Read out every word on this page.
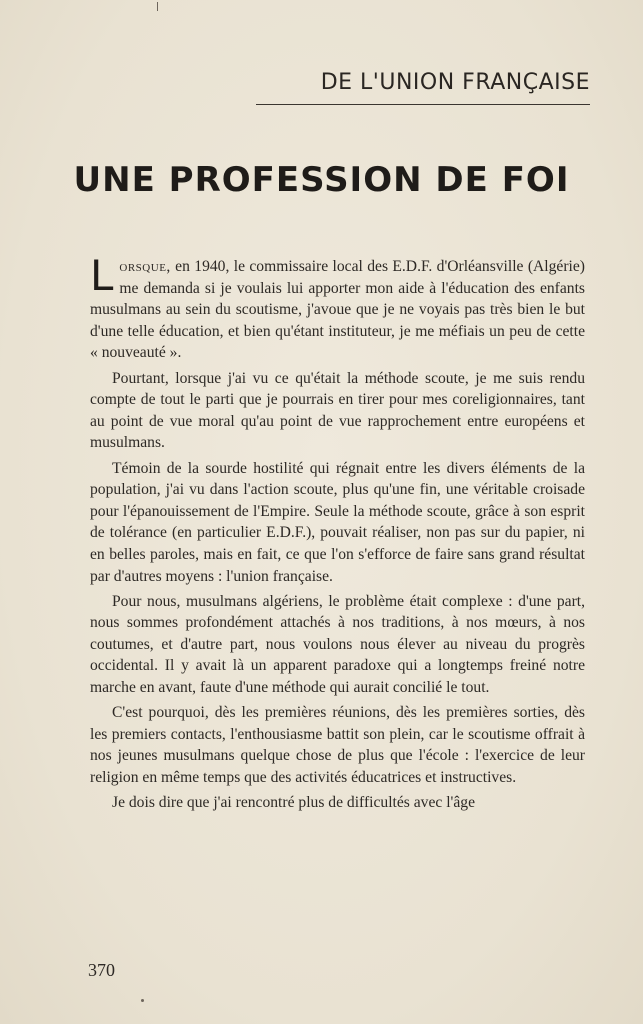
DE L'UNION FRANÇAISE
UNE PROFESSION DE FOI

Lorsque, en 1940, le commissaire local des E.D.F. d'Orléansville (Algérie) me demanda si je voulais lui apporter mon aide à l'éducation des enfants musulmans au sein du scoutisme, j'avoue que je ne voyais pas très bien le but d'une telle éducation, et bien qu'étant instituteur, je me méfiais un peu de cette « nouveauté ».

Pourtant, lorsque j'ai vu ce qu'était la méthode scoute, je me suis rendu compte de tout le parti que je pourrais en tirer pour mes coreligionnaires, tant au point de vue moral qu'au point de vue rapprochement entre européens et musulmans.

Témoin de la sourde hostilité qui régnait entre les divers éléments de la population, j'ai vu dans l'action scoute, plus qu'une fin, une véritable croisade pour l'épanouissement de l'Empire. Seule la méthode scoute, grâce à son esprit de tolérance (en particulier E.D.F.), pouvait réaliser, non pas sur du papier, ni en belles paroles, mais en fait, ce que l'on s'efforce de faire sans grand résultat par d'autres moyens : l'union française.

Pour nous, musulmans algériens, le problème était complexe : d'une part, nous sommes profondément attachés à nos traditions, à nos mœurs, à nos coutumes, et d'autre part, nous voulons nous élever au niveau du progrès occidental. Il y avait là un apparent paradoxe qui a longtemps freiné notre marche en avant, faute d'une méthode qui aurait concilié le tout.

C'est pourquoi, dès les premières réunions, dès les premières sorties, dès les premiers contacts, l'enthousiasme battit son plein, car le scoutisme offrait à nos jeunes musulmans quelque chose de plus que l'école : l'exercice de leur religion en même temps que des activités éducatrices et instructives.

Je dois dire que j'ai rencontré plus de difficultés avec l'âge

370
